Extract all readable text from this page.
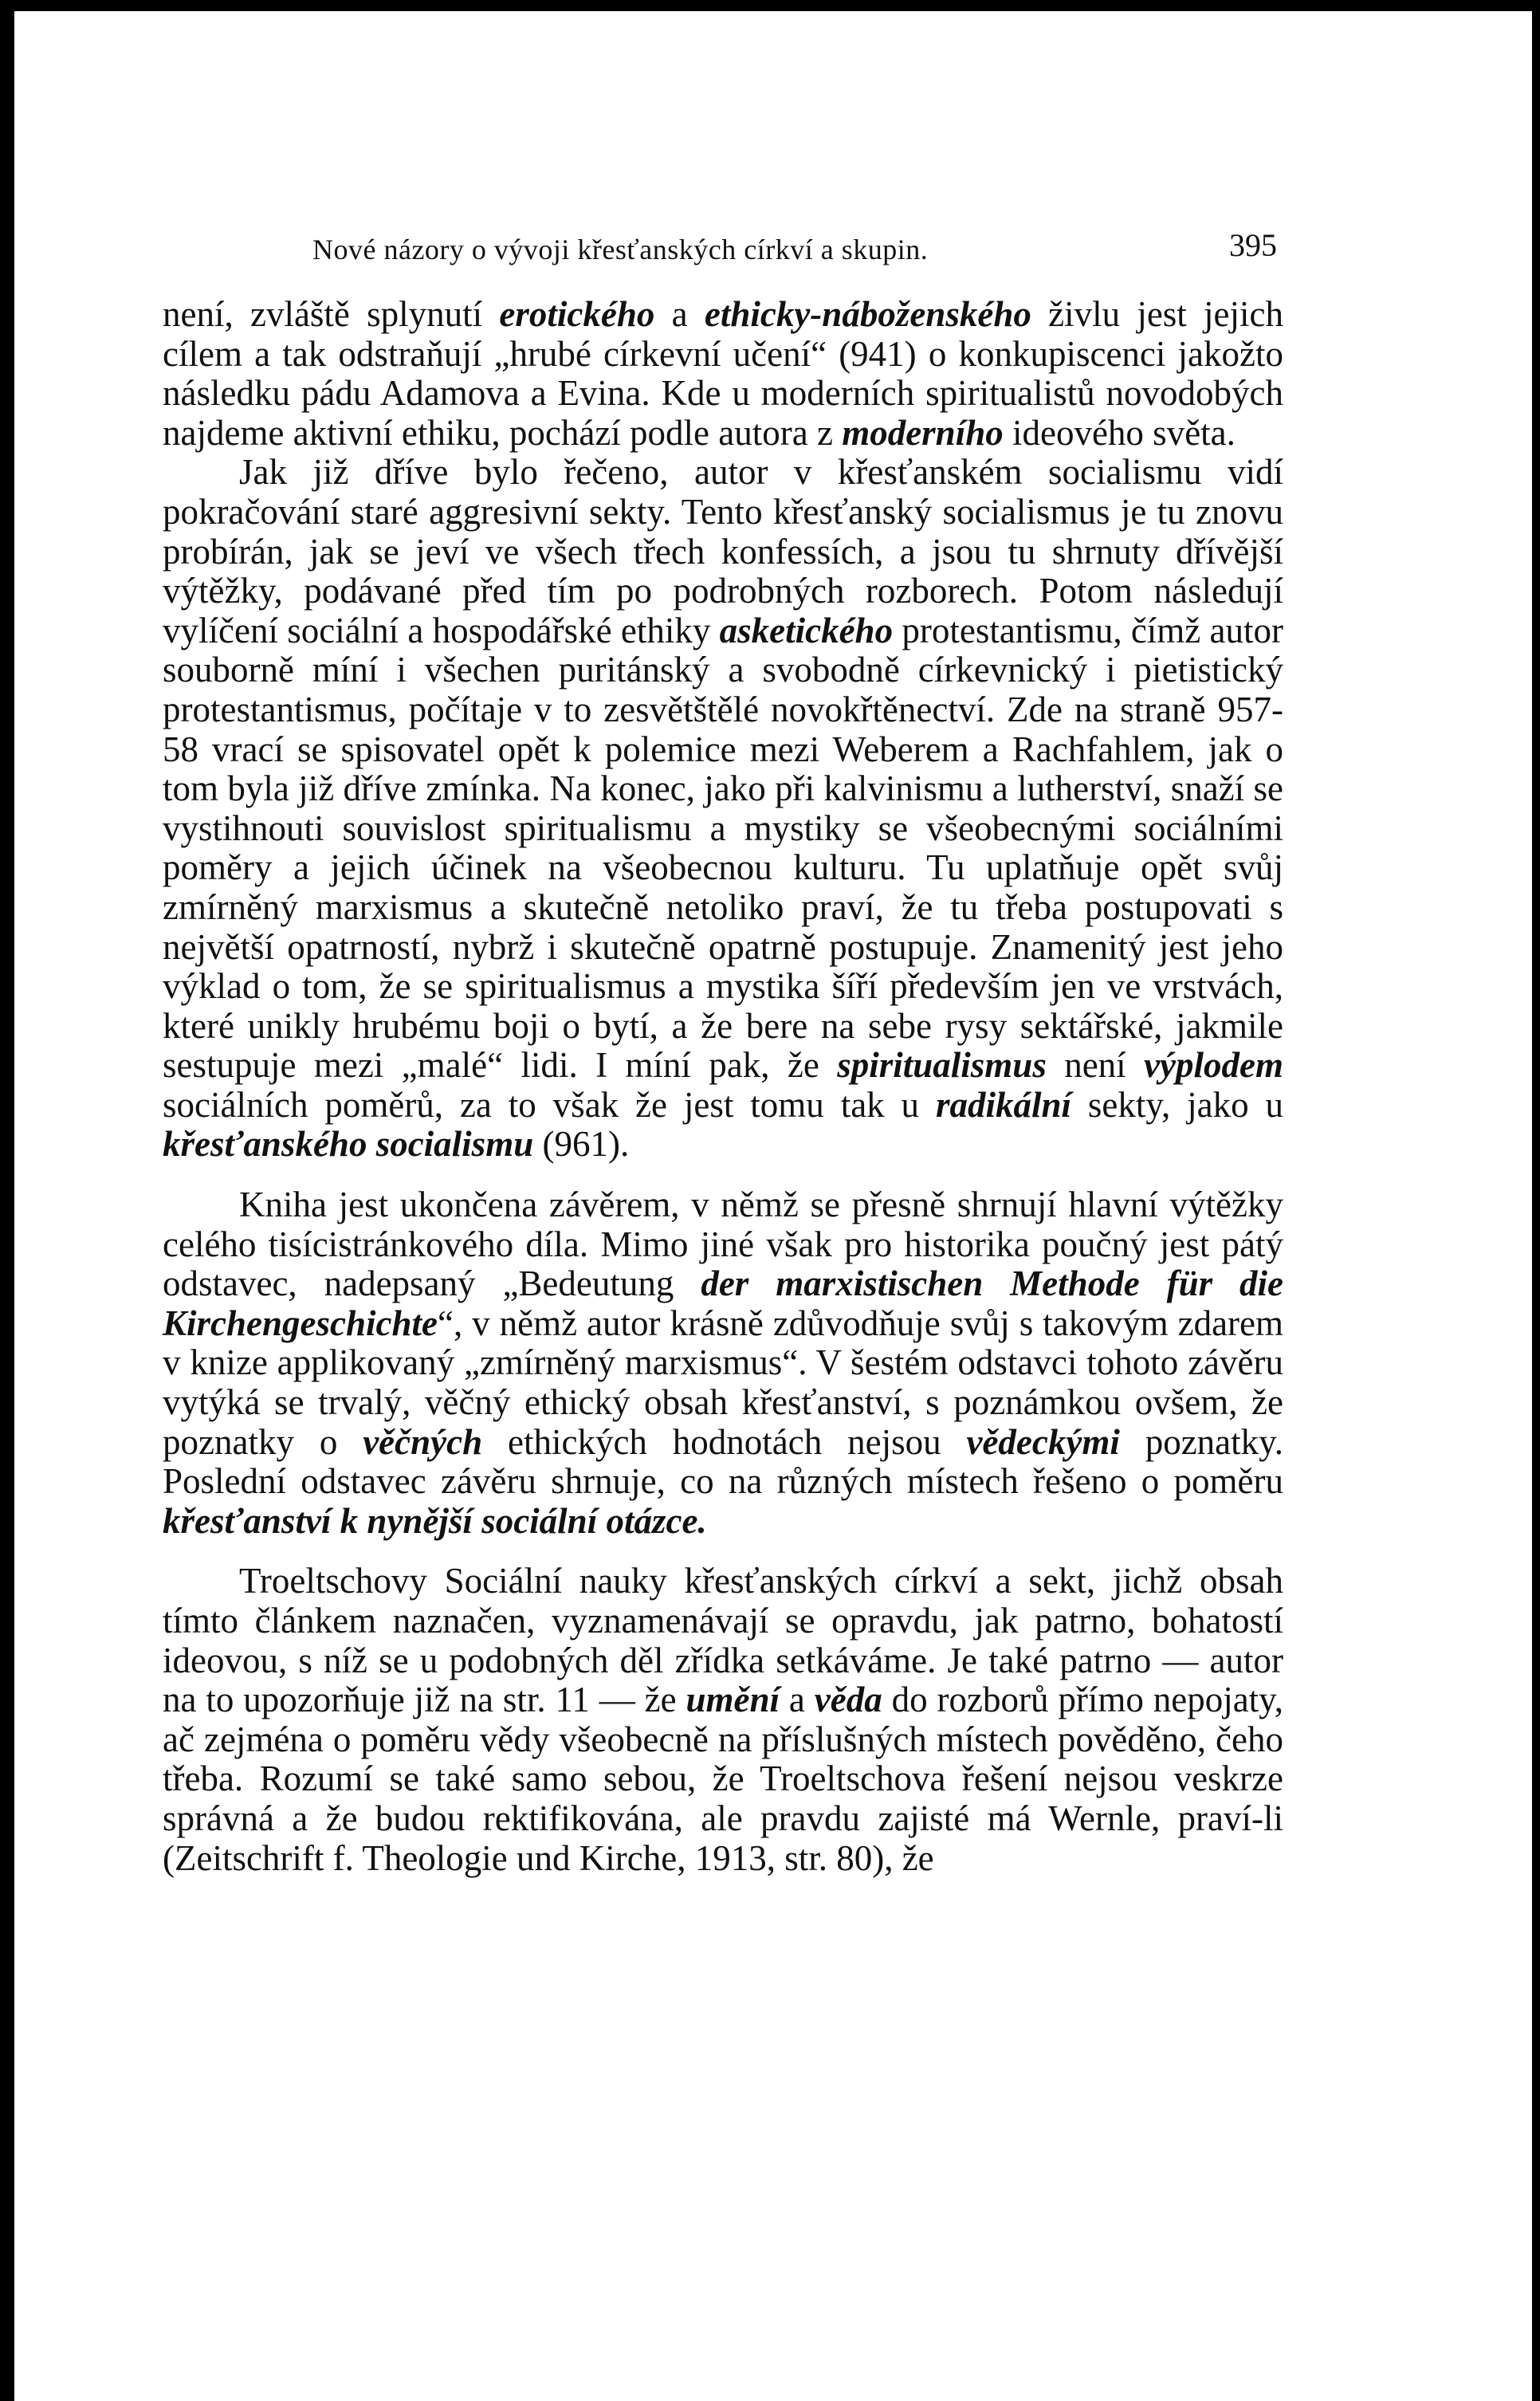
Nové názory o vývoji křesťanských církví a skupin.	395

není, zvláště splynutí erotického a ethicky-náboženského živlu jest jejich cílem a tak odstraňují „hrubé církevní učení“ (941) o konkupiscenci jakožto následku pádu Adamova a Evina. Kde u moderních spiritualistů novodobých najdeme aktivní ethiku, pochází podle autora z moderního ideového světa.

Jak již dříve bylo řečeno, autor v křesťanském socialismu vidí pokračování staré aggresivní sekty. Tento křesťanský socialismus je tu znovu probírán, jak se jeví ve všech třech konfessích, a jsou tu shrnuty dřívější výtěžky, podávané před tím po podrobných rozborech. Potom následují vylíčení sociální a hospodářské ethiky asketického protestantismu, čímž autor souborně míní i všechen puritánský a svobodně církevnický i pietistický protestantismus, počítaje v to zesvětštělé novokřtěnectví. Zde na straně 957-58 vrací se spisovatel opět k polemice mezi Weberem a Rachfahlem, jak o tom byla již dříve zmínka. Na konec, jako při kalvinismu a lutherství, snaží se vystihnouti souvislost spiritualismu a mystiky se všeobecnými sociálními poměry a jejich účinek na všeobecnou kulturu. Tu uplatňuje opět svůj zmírněný marxismus a skutečně netoliko praví, že tu třeba postupovati s největší opatrností, nybrž i skutečně opatrně postupuje. Znamenitý jest jeho výklad o tom, že se spiritualismus a mystika šíří především jen ve vrstvách, které unikly hrubému boji o bytí, a že bere na sebe rysy sektářské, jakmile sestupuje mezi „malé“ lidi. I míní pak, že spiritualismus není výplodem sociálních poměrů, za to však že jest tomu tak u radikální sekty, jako u křesťanského socialismu (961).

Kniha jest ukončena závěrem, v němž se přesně shrnují hlavní výtěžky celého tisícistránkového díla. Mimo jiné však pro historika poučný jest pátý odstavec, nadepsaný „Bedeutung der marxistischen Methode für die Kirchengeschichte“, v němž autor krásně zdůvodňuje svůj s takovým zdarem v knize applikovaný „zmírněný marxismus“. V šestém odstavci tohoto závěru vytýká se trvalý, věčný ethický obsah křesťanství, s poznámkou ovšem, že poznatky o věčných ethických hodnotách nejsou vědeckými poznatky. Poslední odstavec závěru shrnuje, co na různých místech řešeno o poměru křesťanství k nynější sociální otázce.

Troeltschovy Sociální nauky křesťanských církví a sekt, jichž obsah tímto článkem naznačen, vyznamenávají se opravdu, jak patrno, bohatostí ideovou, s níž se u podobných děl zřídka setkáváme. Je také patrno — autor na to upozorňuje již na str. 11 — že umění a věda do rozborů přímo nepojaty, ač zejména o poměru vědy všeobecně na příslušných místech pověděno, čeho třeba. Rozumí se také samo sebou, že Troeltschova řešení nejsou veskrze správná a že budou rektifikována, ale pravdu zajisté má Wernle, praví-li (Zeitschrift f. Theologie und Kirche, 1913, str. 80), že
